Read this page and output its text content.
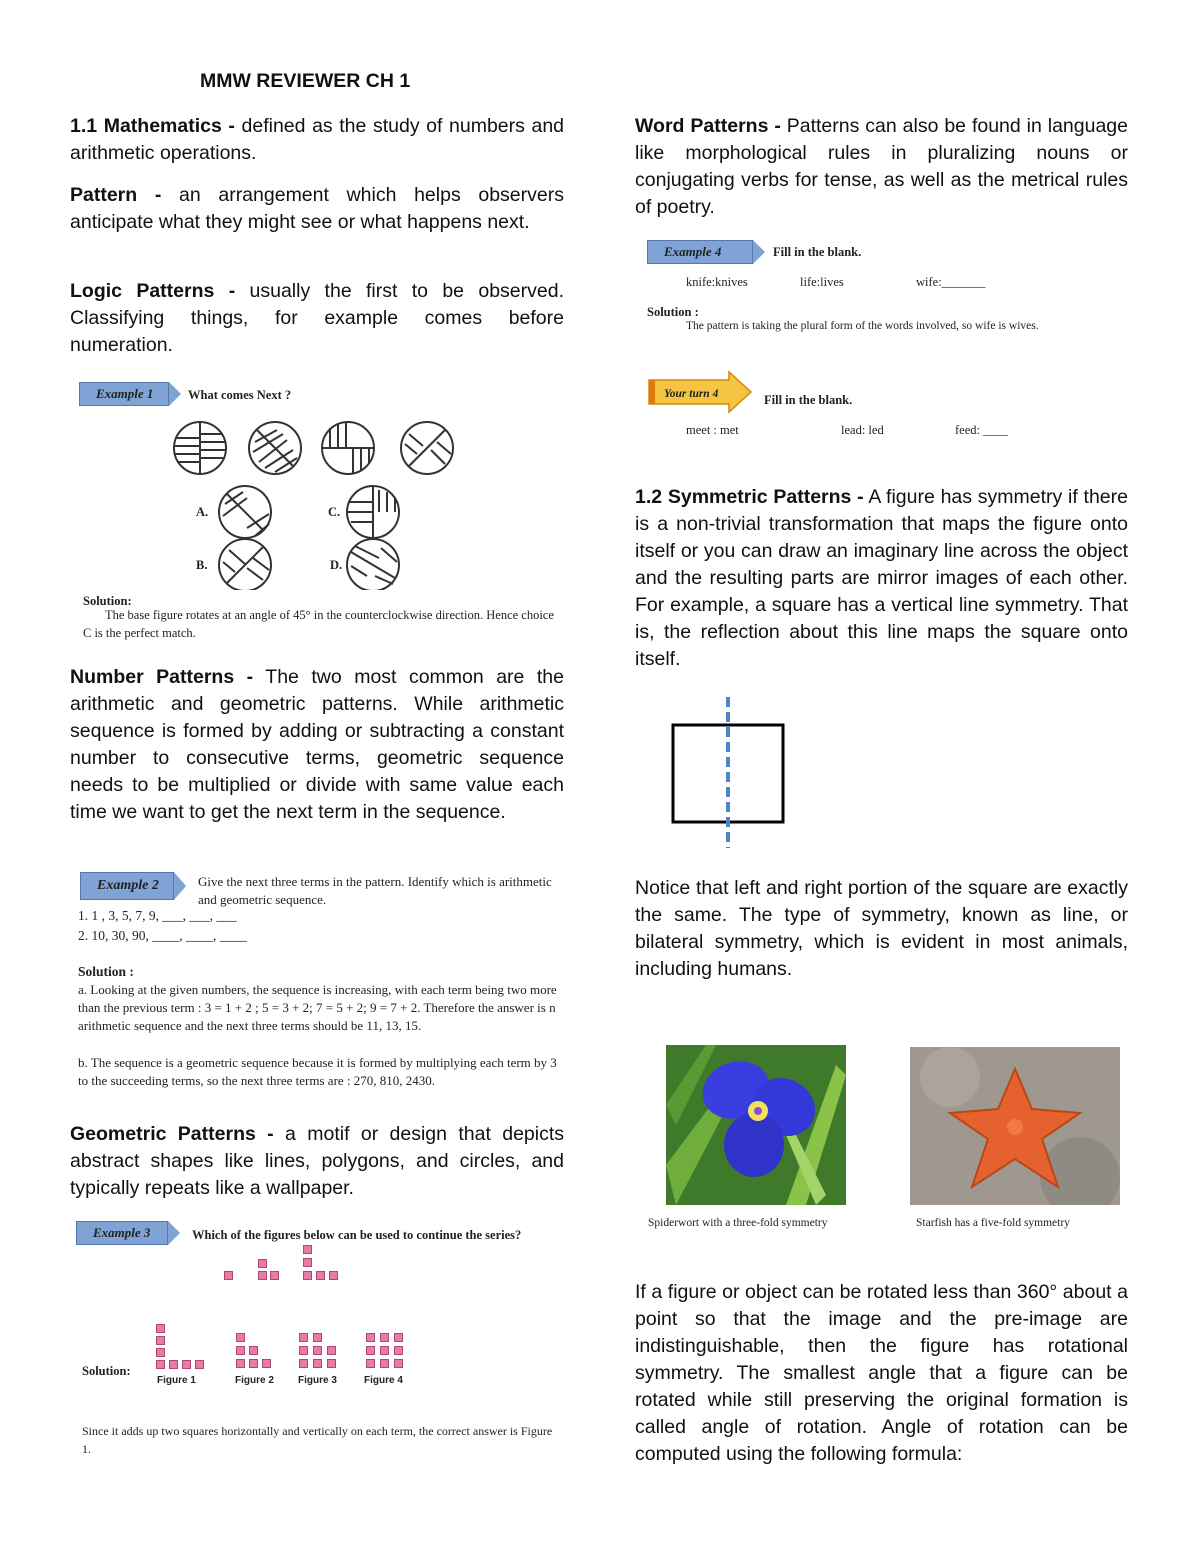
MMW REVIEWER CH 1
1.1 Mathematics - defined as the study of numbers and arithmetic operations.
Pattern - an arrangement which helps observers anticipate what they might see or what happens next.
Logic Patterns - usually the first to be observed. Classifying things, for example comes before numeration.
Example 1	What comes Next ?
A.
B.
C.
D.
Solution:
The base figure rotates at an angle of 45° in the counterclockwise direction. Hence choice C is the perfect match.
Number Patterns - The two most common are the arithmetic and geometric patterns. While arithmetic sequence is formed by adding or subtracting a constant number to consecutive terms, geometric sequence needs to be multiplied or divide with same value each time we want to get the next term in the sequence.
Example 2	Give the next three terms in the pattern. Identify which is arithmetic and geometric sequence.
1. 1 , 3, 5, 7, 9, ___, ___, ___
2. 10, 30, 90, ____, ____, ____
Solution :
a. Looking at the given numbers, the sequence is increasing, with each term being two more than the previous term : 3 = 1 + 2 ; 5 = 3 + 2; 7 = 5 + 2; 9 = 7 + 2. Therefore the answer is n arithmetic sequence and the next three terms should be 11, 13, 15.
b. The sequence is a geometric sequence because it is formed by multiplying each term by 3 to the succeeding terms, so the next three terms are : 270, 810, 2430.
Geometric Patterns - a motif or design that depicts abstract shapes like lines, polygons, and circles, and typically repeats like a wallpaper.
Example 3	Which of the figures below can be used to continue the series?
Solution:
Figure 1	Figure 2 Figure 3	Figure 4
Since it adds up two squares horizontally and vertically on each term, the correct answer is Figure 1.
Word Patterns - Patterns can also be found in language like morphological rules in pluralizing nouns or conjugating verbs for tense, as well as the metrical rules of poetry.
Example 4	Fill in the blank.
knife:knives	life:lives	wife:_______
Solution :
The pattern is taking the plural form of the words involved, so wife is wives.
Your turn 4	Fill in the blank.
meet : met	lead: led	feed: ____
1.2 Symmetric Patterns - A figure has symmetry if there is a non-trivial transformation that maps the figure onto itself or you can draw an imaginary line across the object and the resulting parts are mirror images of each other. For example, a square has a vertical line symmetry. That is, the reflection about this line maps the square onto itself.
Notice that left and right portion of the square are exactly the same. The type of symmetry, known as line, or bilateral symmetry, which is evident in most animals, including humans.
Spiderwort with a three-fold symmetry	Starfish has a five-fold symmetry
If a figure or object can be rotated less than 360° about a point so that the image and the pre-image are indistinguishable, then the figure has rotational symmetry. The smallest angle that a figure can be rotated while still preserving the original formation is called angle of rotation. Angle of rotation can be computed using the following formula:
